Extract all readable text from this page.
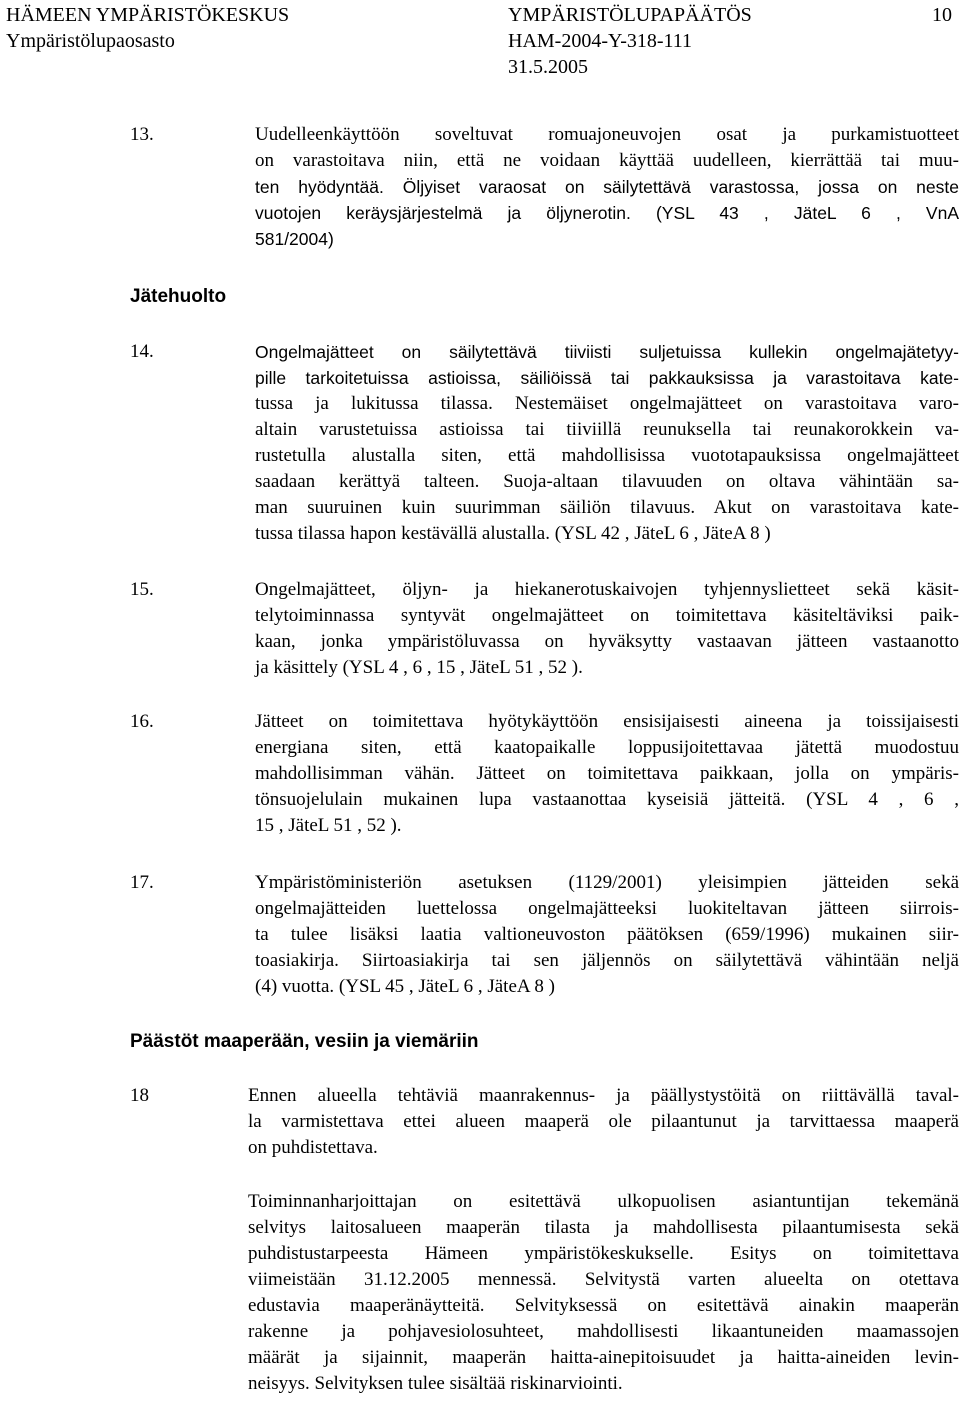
HÄMEEN YMPÄRISTÖKESKUS
Ympäristölupaosasto
YMPÄRISTÖLUPAPÄÄTÖS
HAM-2004-Y-318-111
31.5.2005
10
13.	Uudelleenkäyttöön soveltuvat romuajoneuvojen osat ja purkamistuotteet
on varastoitava niin, että ne voidaan käyttää uudelleen, kierrättää tai muu-
ten hyödyntää. Öljyiset varaosat on säilytettävä varastossa, jossa on neste
vuotojen keräysjärjestelmä ja öljynerotin. (YSL 43 , JäteL 6 , VnA
581/2004)
Jätehuolto
14.	Ongelmajätteet on säilytettävä tiiviisti suljetuissa kullekin ongelmajätetyy-
pille tarkoitetuissa astioissa, säiliöissä tai pakkauksissa ja varastoitava kate-
tussa ja lukitussa tilassa. Nestemäiset ongelmajätteet on varastoitava varo-
altain varustetuissa astioissa tai tiiviillä reunuksella tai reunakorokkein va-
rustetulla alustalla siten, että mahdollisissa vuototapauksissa ongelmajätteet
saadaan kerättyä talteen. Suoja-altaan tilavuuden on oltava vähintään sa-
man suuruinen kuin suurimman säiliön tilavuus. Akut on varastoitava kate-
tussa tilassa hapon kestävällä alustalla. (YSL 42 , JäteL 6 , JäteA 8 )
15.	Ongelmajätteet, öljyn- ja hiekanerotuskaivojen tyhjennysliette​et sekä käsit-
telytoiminnassa syntyvät ongelmajätteet on toimitettava käsiteltäviksi paik-
kaan, jonka ympäristöluvassa on hyväksytty vastaavan jätteen vastaanotto
ja käsittely (YSL 4 , 6 , 15 , JäteL 51 , 52 ).
16.	Jätteet on toimitettava hyötykäyttöön ensisijaisesti aineena ja toissijaisesti
energiana siten, että kaatopaikalle loppusijoitettavaa jätettä muodostuu
mahdollisimman vähän. Jätteet on toimitettava paikkaan, jolla on ympäris-
tönsuojelulain mukainen lupa vastaanottaa kyseisiä jätteitä. (YSL 4 , 6 ,
15 , JäteL 51 , 52 ).
17.	Ympäristöministeriön asetuksen (1129/2001) yleisimpien jätteiden sekä
ongelmajätteiden luettelossa ongelmajätteeksi luokiteltavan jätteen siirrois-
ta tulee lisäksi laatia valtioneuvoston päätöksen (659/1996) mukainen siir-
toasiakirja. Siirtoasiakirja tai sen jäljennös on säilytettävä vähintään neljä
(4) vuotta. (YSL 45 , JäteL 6 , JäteA 8 )
Päästöt maaperään, vesiin ja viemäriin
18	Ennen alueella tehtäviä maanrakennus- ja päällystystöitä on riittävällä taval-
la varmistettava ettei alueen maaperä ole pilaantunut ja tarvittaessa maaperä
on puhdistettava.
Toiminnanharjoittajan on esitettävä ulkopuolisen asiantuntijan tekemänä
selvitys laitosalueen maaperän tilasta ja mahdollisesta pilaantumisesta sekä
puhdistustarpeesta Hämeen ympäristökeskukselle. Esitys on toimitettava
viimeistään 31.12.2005 mennessä. Selvitystä varten alueelta on otettava
edustavia maaperänäytteitä. Selvityksessä on esitettävä ainakin maaperän
rakenne ja pohjavesiolosuhteet, mahdollisesti likaantuneiden maamassojen
määrät ja sijainnit, maaperän haitta-ainepitoisuudet ja haitta-aineiden levin-
neisyys. Selvityksen tulee sisältää riskinarviointi.
